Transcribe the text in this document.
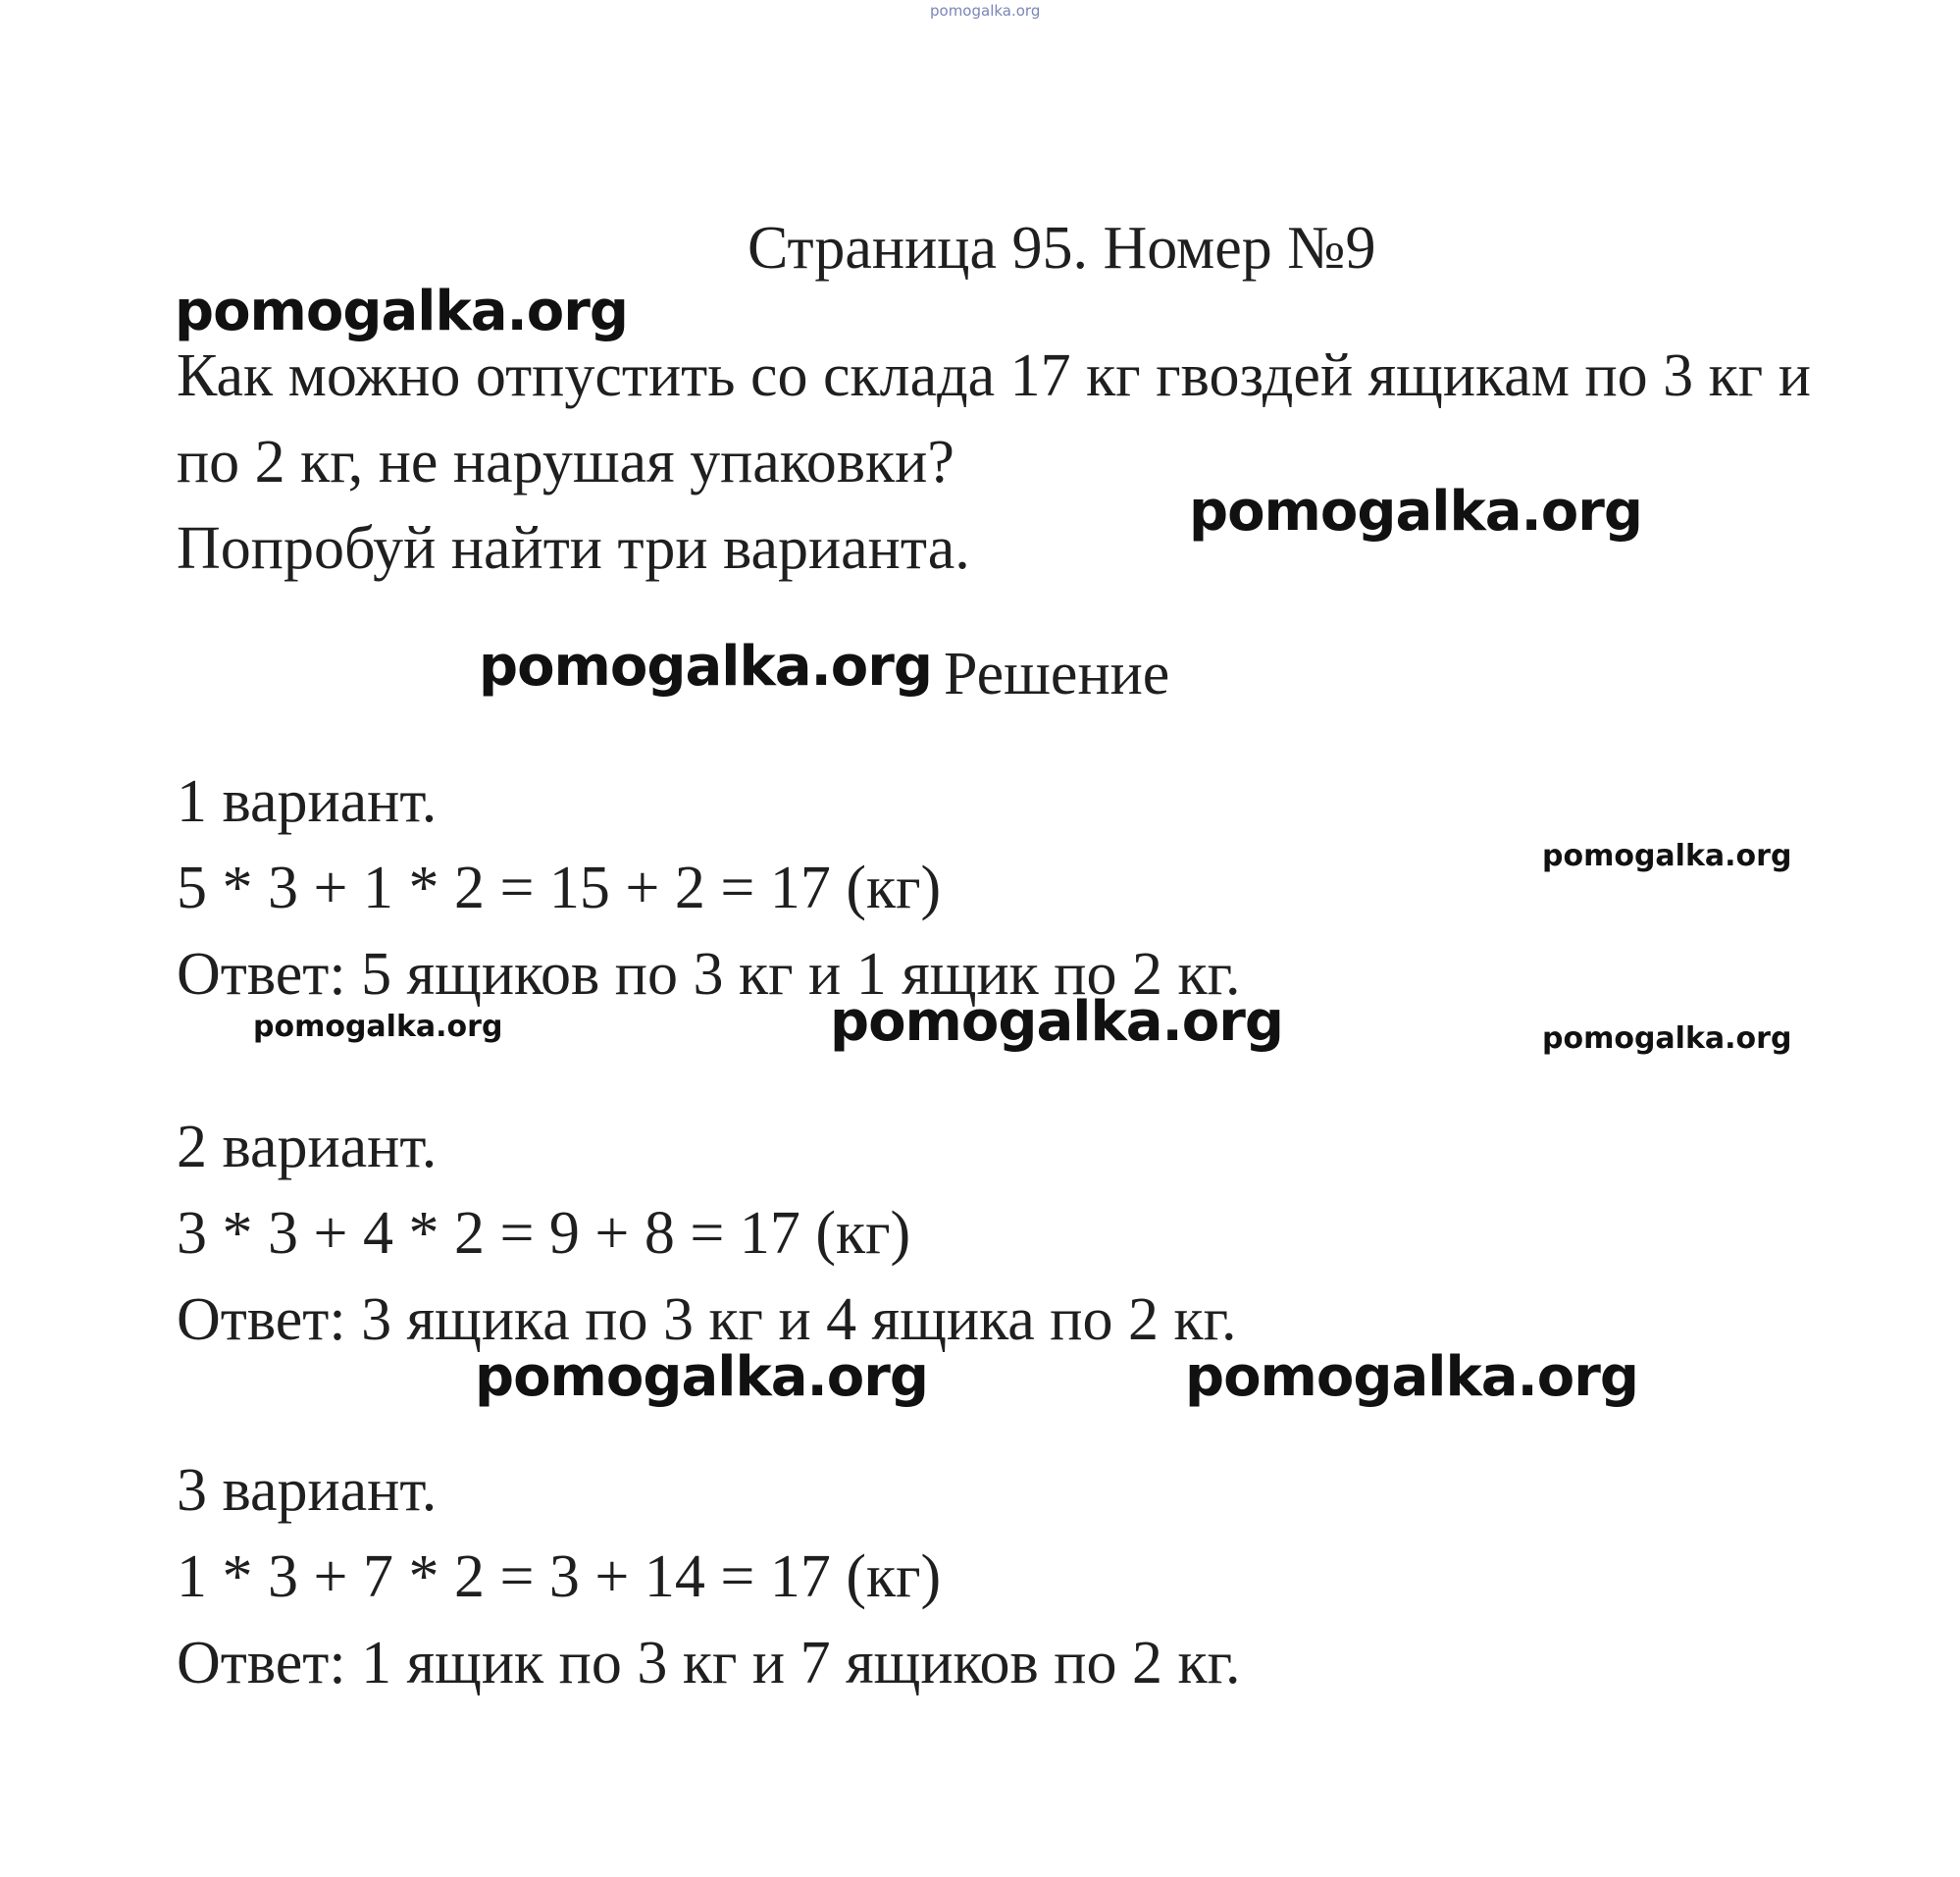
pomogalka.org
Страница 95. Номер №9
pomogalka.org
Как можно отпустить со склада 17 кг гвоздей ящикам по 3 кг и
по 2 кг, не нарушая упаковки?
pomogalka.org
Попробуй найти три варианта.
pomogalka.org Решение
1 вариант.
pomogalka.org
5 * 3 + 1 * 2 = 15 + 2 = 17 (кг)
Ответ: 5 ящиков по 3 кг и 1 ящик по 2 кг.
pomogalka.org
pomogalka.org	pomogalka.org
2 вариант.
3 * 3 + 4 * 2 = 9 + 8 = 17 (кг)
Ответ: 3 ящика по 3 кг и 4 ящика по 2 кг.
pomogalka.org	pomogalka.org
3 вариант.
1 * 3 + 7 * 2 = 3 + 14 = 17 (кг)
Ответ: 1 ящик по 3 кг и 7 ящиков по 2 кг.
